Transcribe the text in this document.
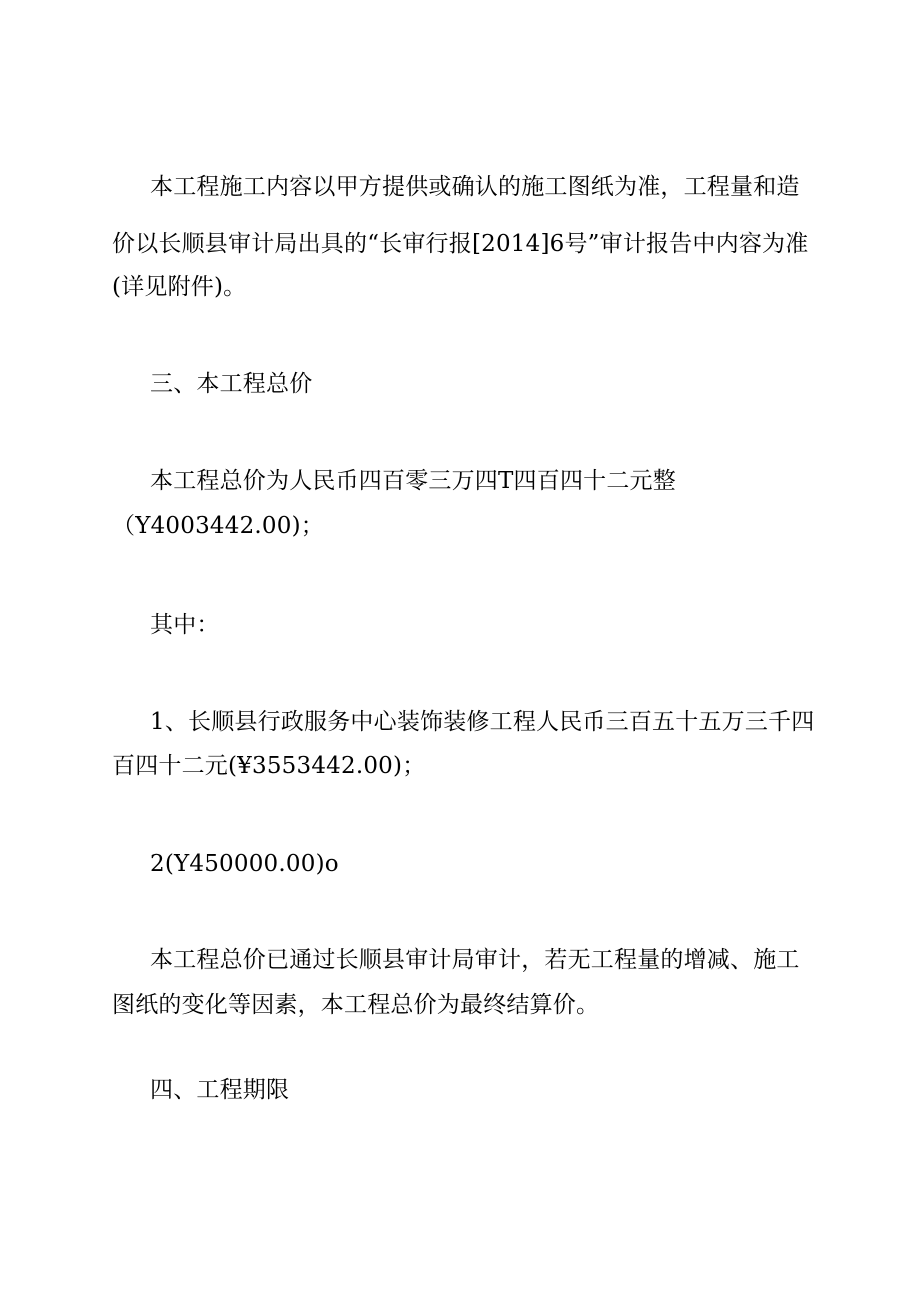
本工程施工内容以甲方提供或确认的施工图纸为准，工程量和造
价以长顺县审计局出具的“长审行报[2014]6号”审计报告中内容为准
(详见附件)。
三、本工程总价
本工程总价为人民币四百零三万四T四百四十二元整
（Y4003442.00)；
其中：
1、长顺县行政服务中心装饰装修工程人民币三百五十五万三千四
百四十二元(¥3553442.00)；
2(Y450000.00)o
本工程总价已通过长顺县审计局审计，若无工程量的增减、施工
图纸的变化等因素，本工程总价为最终结算价。
四、工程期限
